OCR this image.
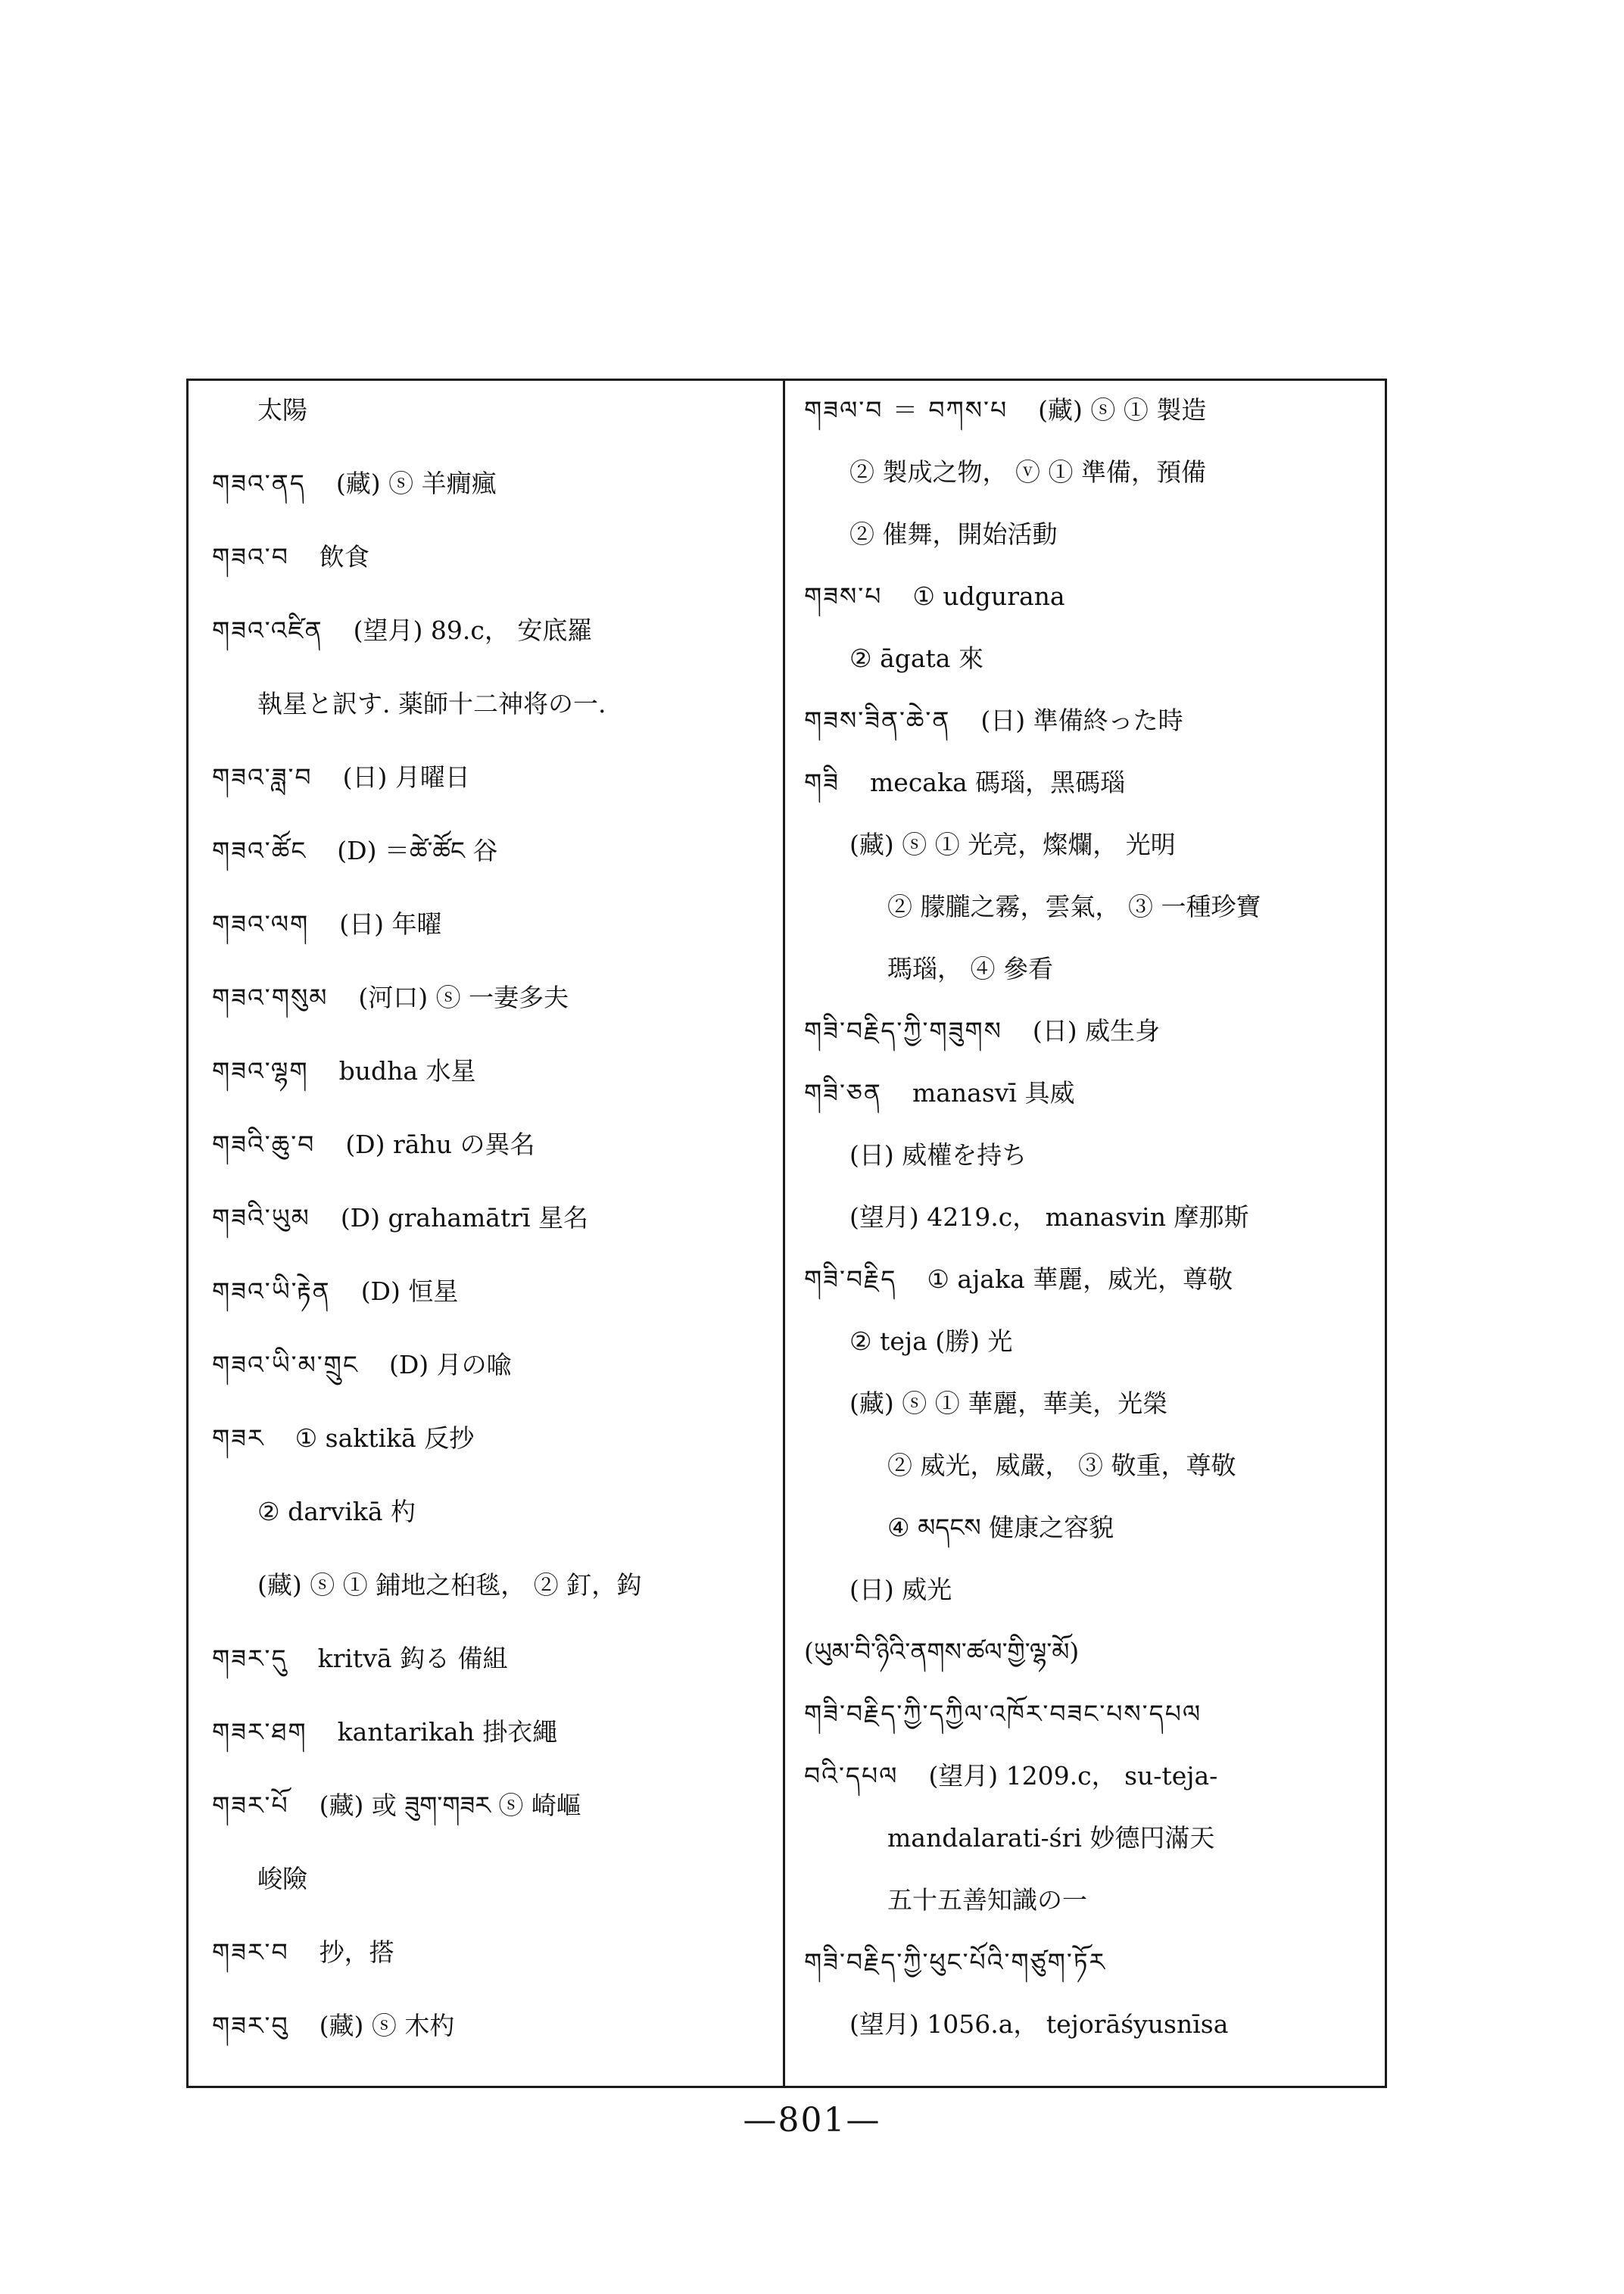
太陽
གཟའ་ནད (藏) ⓢ 羊癇瘋
གཟའ་བ 飲食
གཟའ་འཛིན (望月) 89.c， 安底羅
執星と訳す. 薬師十二神将の一.
གཟའ་ཟླ་བ (日) 月曜日
གཟའ་ཚོང (D) ＝ཚེ་ཚོང 谷
གཟའ་ལག (日) 年曜
གཟའ་གསུམ (河口) ⓢ 一妻多夫
གཟའ་ལྷག budha 水星
གཟའི་ཆུ་བ (D) rāhu の異名
གཟའི་ཡུམ (D) grahamātrī 星名
གཟའ་ཡི་རྟེན (D) 恒星
གཟའ་ཡི་མ་གྲུང (D) 月の喩
གཟར ① saktikā 反抄
② darvikā 杓
(藏) ⓢ ① 鋪地之桕毯， ② 釘，鈎
གཟར་དུ kritvā 鈎る 備組
གཟར་ཐག kantarikah 掛衣繩
གཟར་པོ (藏) 或 ཟུག་གཟར ⓢ 崎嶇
峻險
གཟར་བ 抄，搭
གཟར་བུ (藏) ⓢ 木杓
གཟལ་བ ＝ བཀས་པ (藏) ⓢ ① 製造
② 製成之物， ⓥ ① 準備，預備
② 催舞，開始活動
གཟས་པ ① udgurana
② āgata 來
གཟས་ཟིན་ཆེ་ན (日) 準備終った時
གཟི mecaka 碼瑙，黑碼瑙
(藏) ⓢ ① 光亮，燦爛， 光明
② 朦朧之霧，雲氣， ③ 一種珍寶
瑪瑙， ④ 參看
གཟི་བརྗིད་ཀྱི་གཟུགས (日) 威生身
གཟི་ཅན manasvī 具威
(日) 威權を持ち
(望月) 4219.c， manasvin 摩那斯
གཟི་བརྗིད ① ajaka 華麗，威光，尊敬
② teja (勝) 光
(藏) ⓢ ① 華麗，華美，光榮
② 威光，威嚴， ③ 敬重，尊敬
④ མདངས 健康之容貌
(日) 威光
(ཡུམ་བི་ཉིའི་ནགས་ཚལ་གྱི་ལྷ་མོ)
གཟི་བརྗིད་ཀྱི་དཀྱིལ་འཁོར་བཟང་པས་དཔལ
བའི་དཔལ (望月) 1209.c， su-teja-
mandalarati-śri 妙德円滿天
五十五善知識の一
གཟི་བརྗིད་ཀྱི་ཕུང་པོའི་གཙུག་ཏོར
(望月) 1056.a， tejorāśyusnīsa
—801—
